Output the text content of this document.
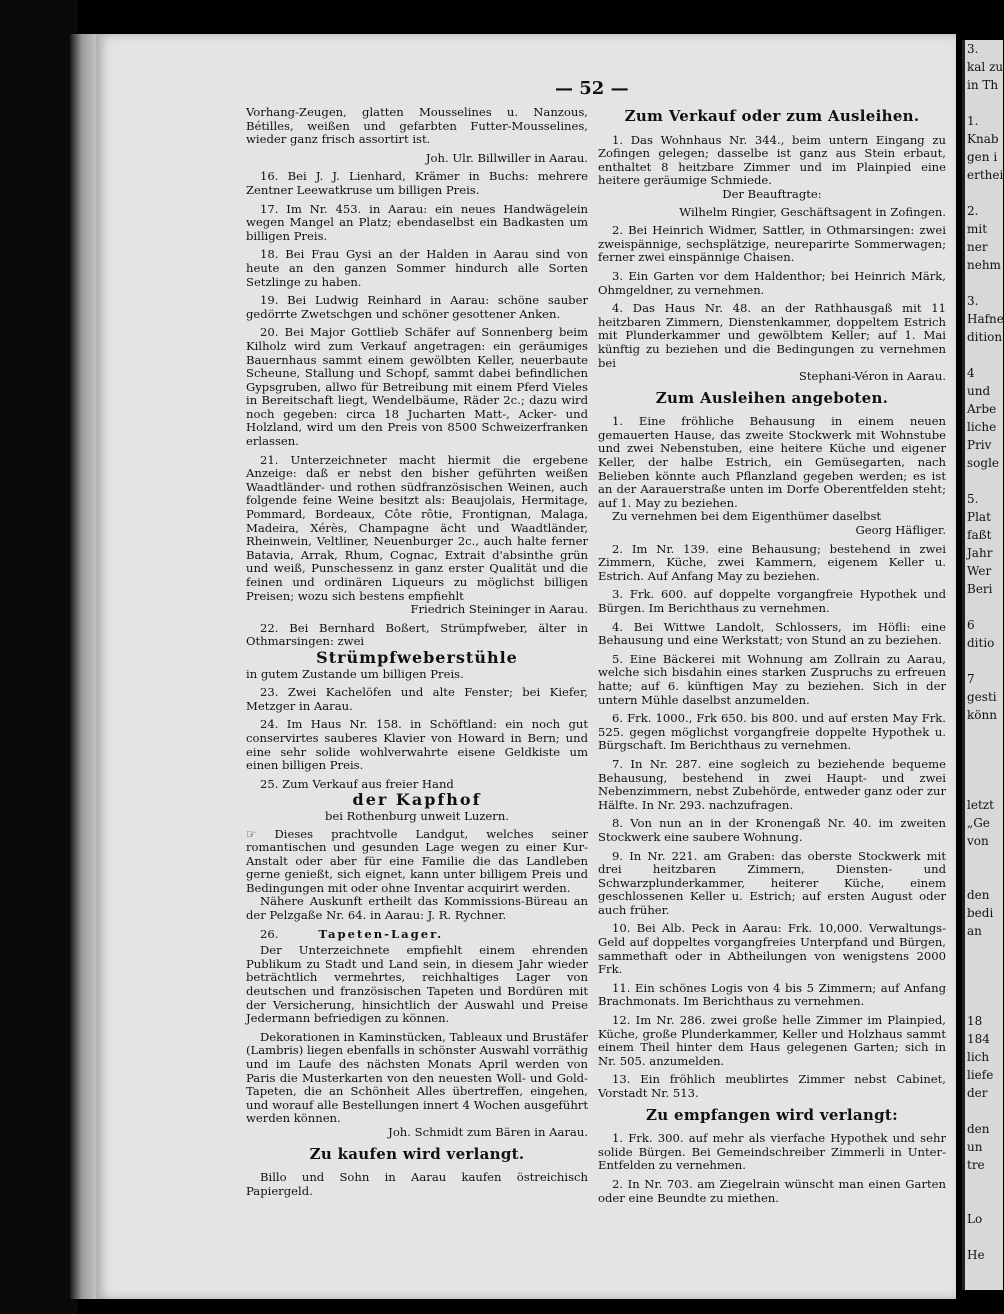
— 52 —

Vorhang-Zeugen, glatten Mousselines u. Nanzous, Bétilles, weißen und gefarbten Futter-Mousselines, wieder ganz frisch assortirt ist.

Joh. Ulr. Billwiller in Aarau.

16. Bei J. J. Lienhard, Krämer in Buchs: mehrere Zentner Leewatkruse um billigen Preis.

17. Im Nr. 453. in Aarau: ein neues Handwägelein wegen Mangel an Platz; ebendaselbst ein Badkasten um billigen Preis.

18. Bei Frau Gysi an der Halden in Aarau sind von heute an den ganzen Sommer hindurch alle Sorten Setzlinge zu haben.

19. Bei Ludwig Reinhard in Aarau: schöne sauber gedörrte Zwetschgen und schöner gesottener Anken.

20. Bei Major Gottlieb Schäfer auf Sonnenberg beim Kilholz wird zum Verkauf angetragen: ein geräumiges Bauernhaus sammt einem gewölbten Keller, neuerbaute Scheune, Stallung und Schopf, sammt dabei befindlichen Gypsgruben, allwo für Betreibung mit einem Pferd Vieles in Bereitschaft liegt, Wendelbäume, Räder 2c.; dazu wird noch gegeben: circa 18 Jucharten Matt-, Acker- und Holzland, wird um den Preis von 8500 Schweizerfranken erlassen.

21. Unterzeichneter macht hiermit die ergebene Anzeige: daß er nebst den bisher geführten weißen Waadtländer- und rothen südfranzösischen Weinen, auch folgende feine Weine besitzt als: Beaujolais, Hermitage, Pommard, Bordeaux, Côte rôtie, Frontignan, Malaga, Madeira, Xérès, Champagne ächt und Waadtländer, Rheinwein, Veltliner, Neuenburger 2c., auch halte ferner Batavia, Arrak, Rhum, Cognac, Extrait d'absinthe grün und weiß, Punschessenz in ganz erster Qualität und die feinen und ordinären Liqueurs zu möglichst billigen Preisen; wozu sich bestens empfiehlt

Friedrich Steininger in Aarau.

22. Bei Bernhard Boßert, Strümpfweber, älter in Othmarsingen: zwei

Strümpfweberstühle

in gutem Zustande um billigen Preis.

23. Zwei Kachelöfen und alte Fenster; bei Kiefer, Metzger in Aarau.

24. Im Haus Nr. 158. in Schöftland: ein noch gut conservirtes sauberes Klavier von Howard in Bern; und eine sehr solide wohlverwahrte eisene Geldkiste um einen billigen Preis.

25. Zum Verkauf aus freier Hand

der Kapfhof
bei Rothenburg unweit Luzern.

☞ Dieses prachtvolle Landgut, welches seiner romantischen und gesunden Lage wegen zu einer Kur-Anstalt oder aber für eine Familie die das Landleben gerne genießt, sich eignet, kann unter billigem Preis und Bedingungen mit oder ohne Inventar acquirirt werden.

Nähere Auskunft ertheilt das Kommissions-Büreau an der Pelzgaße Nr. 64. in Aarau: J. R. Rychner.

26.	Tapeten-Lager.

Der Unterzeichnete empfiehlt einem ehrenden Publikum zu Stadt und Land sein, in diesem Jahr wieder beträchtlich vermehrtes, reichhaltiges Lager von deutschen und französischen Tapeten und Bordüren mit der Versicherung, hinsichtlich der Auswahl und Preise Jedermann befriedigen zu können.

Dekorationen in Kaminstücken, Tableaux und Brustäfer (Lambris) liegen ebenfalls in schönster Auswahl vorräthig und im Laufe des nächsten Monats April werden von Paris die Musterkarten von den neuesten Woll- und Gold-Tapeten, die an Schönheit Alles übertreffen, eingehen, und worauf alle Bestellungen innert 4 Wochen ausgeführt werden können.

Joh. Schmidt zum Bären in Aarau.
Zu kaufen wird verlangt.

Billo und Sohn in Aarau kaufen östreichisch Papiergeld.

Zum Verkauf oder zum Ausleihen.

1. Das Wohnhaus Nr. 344., beim untern Eingang zu Zofingen gelegen; dasselbe ist ganz aus Stein erbaut, enthaltet 8 heitzbare Zimmer und im Plainpied eine heitere geräumige Schmiede.

Der Beauftragte:
Wilhelm Ringier, Geschäftsagent in Zofingen.

2. Bei Heinrich Widmer, Sattler, in Othmarsingen: zwei zweispännige, sechsplätzige, neureparirte Sommerwagen; ferner zwei einspännige Chaisen.

3. Ein Garten vor dem Haldenthor; bei Heinrich Märk, Ohmgeldner, zu vernehmen.

4. Das Haus Nr. 48. an der Rathhausgaß mit 11 heitzbaren Zimmern, Dienstenkammer, doppeltem Estrich mit Plunderkammer und gewölbtem Keller; auf 1. Mai künftig zu beziehen und die Bedingungen zu vernehmen bei

Stephani-Véron in Aarau.
Zum Ausleihen angeboten.

1. Eine fröhliche Behausung in einem neuen gemauerten Hause, das zweite Stockwerk mit Wohnstube und zwei Nebenstuben, eine heitere Küche und eigener Keller, der halbe Estrich, ein Gemüsegarten, nach Belieben könnte auch Pflanzland gegeben werden; es ist an der Aarauerstraße unten im Dorfe Oberentfelden steht; auf 1. May zu beziehen.

Zu vernehmen bei dem Eigenthümer daselbst

Georg Häfliger.

2. Im Nr. 139. eine Behausung; bestehend in zwei Zimmern, Küche, zwei Kammern, eigenem Keller u. Estrich. Auf Anfang May zu beziehen.

3. Frk. 600. auf doppelte vorgangfreie Hypothek und Bürgen. Im Berichthaus zu vernehmen.

4. Bei Wittwe Landolt, Schlossers, im Höfli: eine Behausung und eine Werkstatt; von Stund an zu beziehen.

5. Eine Bäckerei mit Wohnung am Zollrain zu Aarau, welche sich bisdahin eines starken Zuspruchs zu erfreuen hatte; auf 6. künftigen May zu beziehen. Sich in der untern Mühle daselbst anzumelden.

6. Frk. 1000., Frk 650. bis 800. und auf ersten May Frk. 525. gegen möglichst vorgangfreie doppelte Hypothek u. Bürgschaft. Im Berichthaus zu vernehmen.

7. In Nr. 287. eine sogleich zu beziehende bequeme Behausung, bestehend in zwei Haupt- und zwei Nebenzimmern, nebst Zubehörde, entweder ganz oder zur Hälfte. In Nr. 293. nachzufragen.

8. Von nun an in der Kronengaß Nr. 40. im zweiten Stockwerk eine saubere Wohnung.

9. In Nr. 221. am Graben: das oberste Stockwerk mit drei heitzbaren Zimmern, Diensten- und Schwarzplunderkammer, heiterer Küche, einem geschlossenen Keller u. Estrich; auf ersten August oder auch früher.

10. Bei Alb. Peck in Aarau: Frk. 10,000. Verwaltungs-Geld auf doppeltes vorgangfreies Unterpfand und Bürgen, sammethaft oder in Abtheilungen von wenigstens 2000 Frk.

11. Ein schönes Logis von 4 bis 5 Zimmern; auf Anfang Brachmonats. Im Berichthaus zu vernehmen.

12. Im Nr. 286. zwei große helle Zimmer im Plainpied, Küche, große Plunderkammer, Keller und Holzhaus sammt einem Theil hinter dem Haus gelegenen Garten; sich in Nr. 505. anzumelden.

13. Ein fröhlich meublirtes Zimmer nebst Cabinet, Vorstadt Nr. 513.

Zu empfangen wird verlangt:

1. Frk. 300. auf mehr als vierfache Hypothek und sehr solide Bürgen. Bei Gemeindschreiber Zimmerli in Unter-Entfelden zu vernehmen.

2. In Nr. 703. am Ziegelrain wünscht man einen Garten oder eine Beundte zu miethen.

3.
kal zu
in Th

1.
Knab
gen i
erthei

2.
mit
ner
nehm

3.
Hafne
dition

4
und
Arbe
liche
Priv
sogle

5.
Plat
faßt
Jahr
Wer
Beri

6
ditio

7
gesti
könn

letzt
„Ge
von

den
bedi
an

18
184
lich
liefe
der

den
un
tre

Lo

He
